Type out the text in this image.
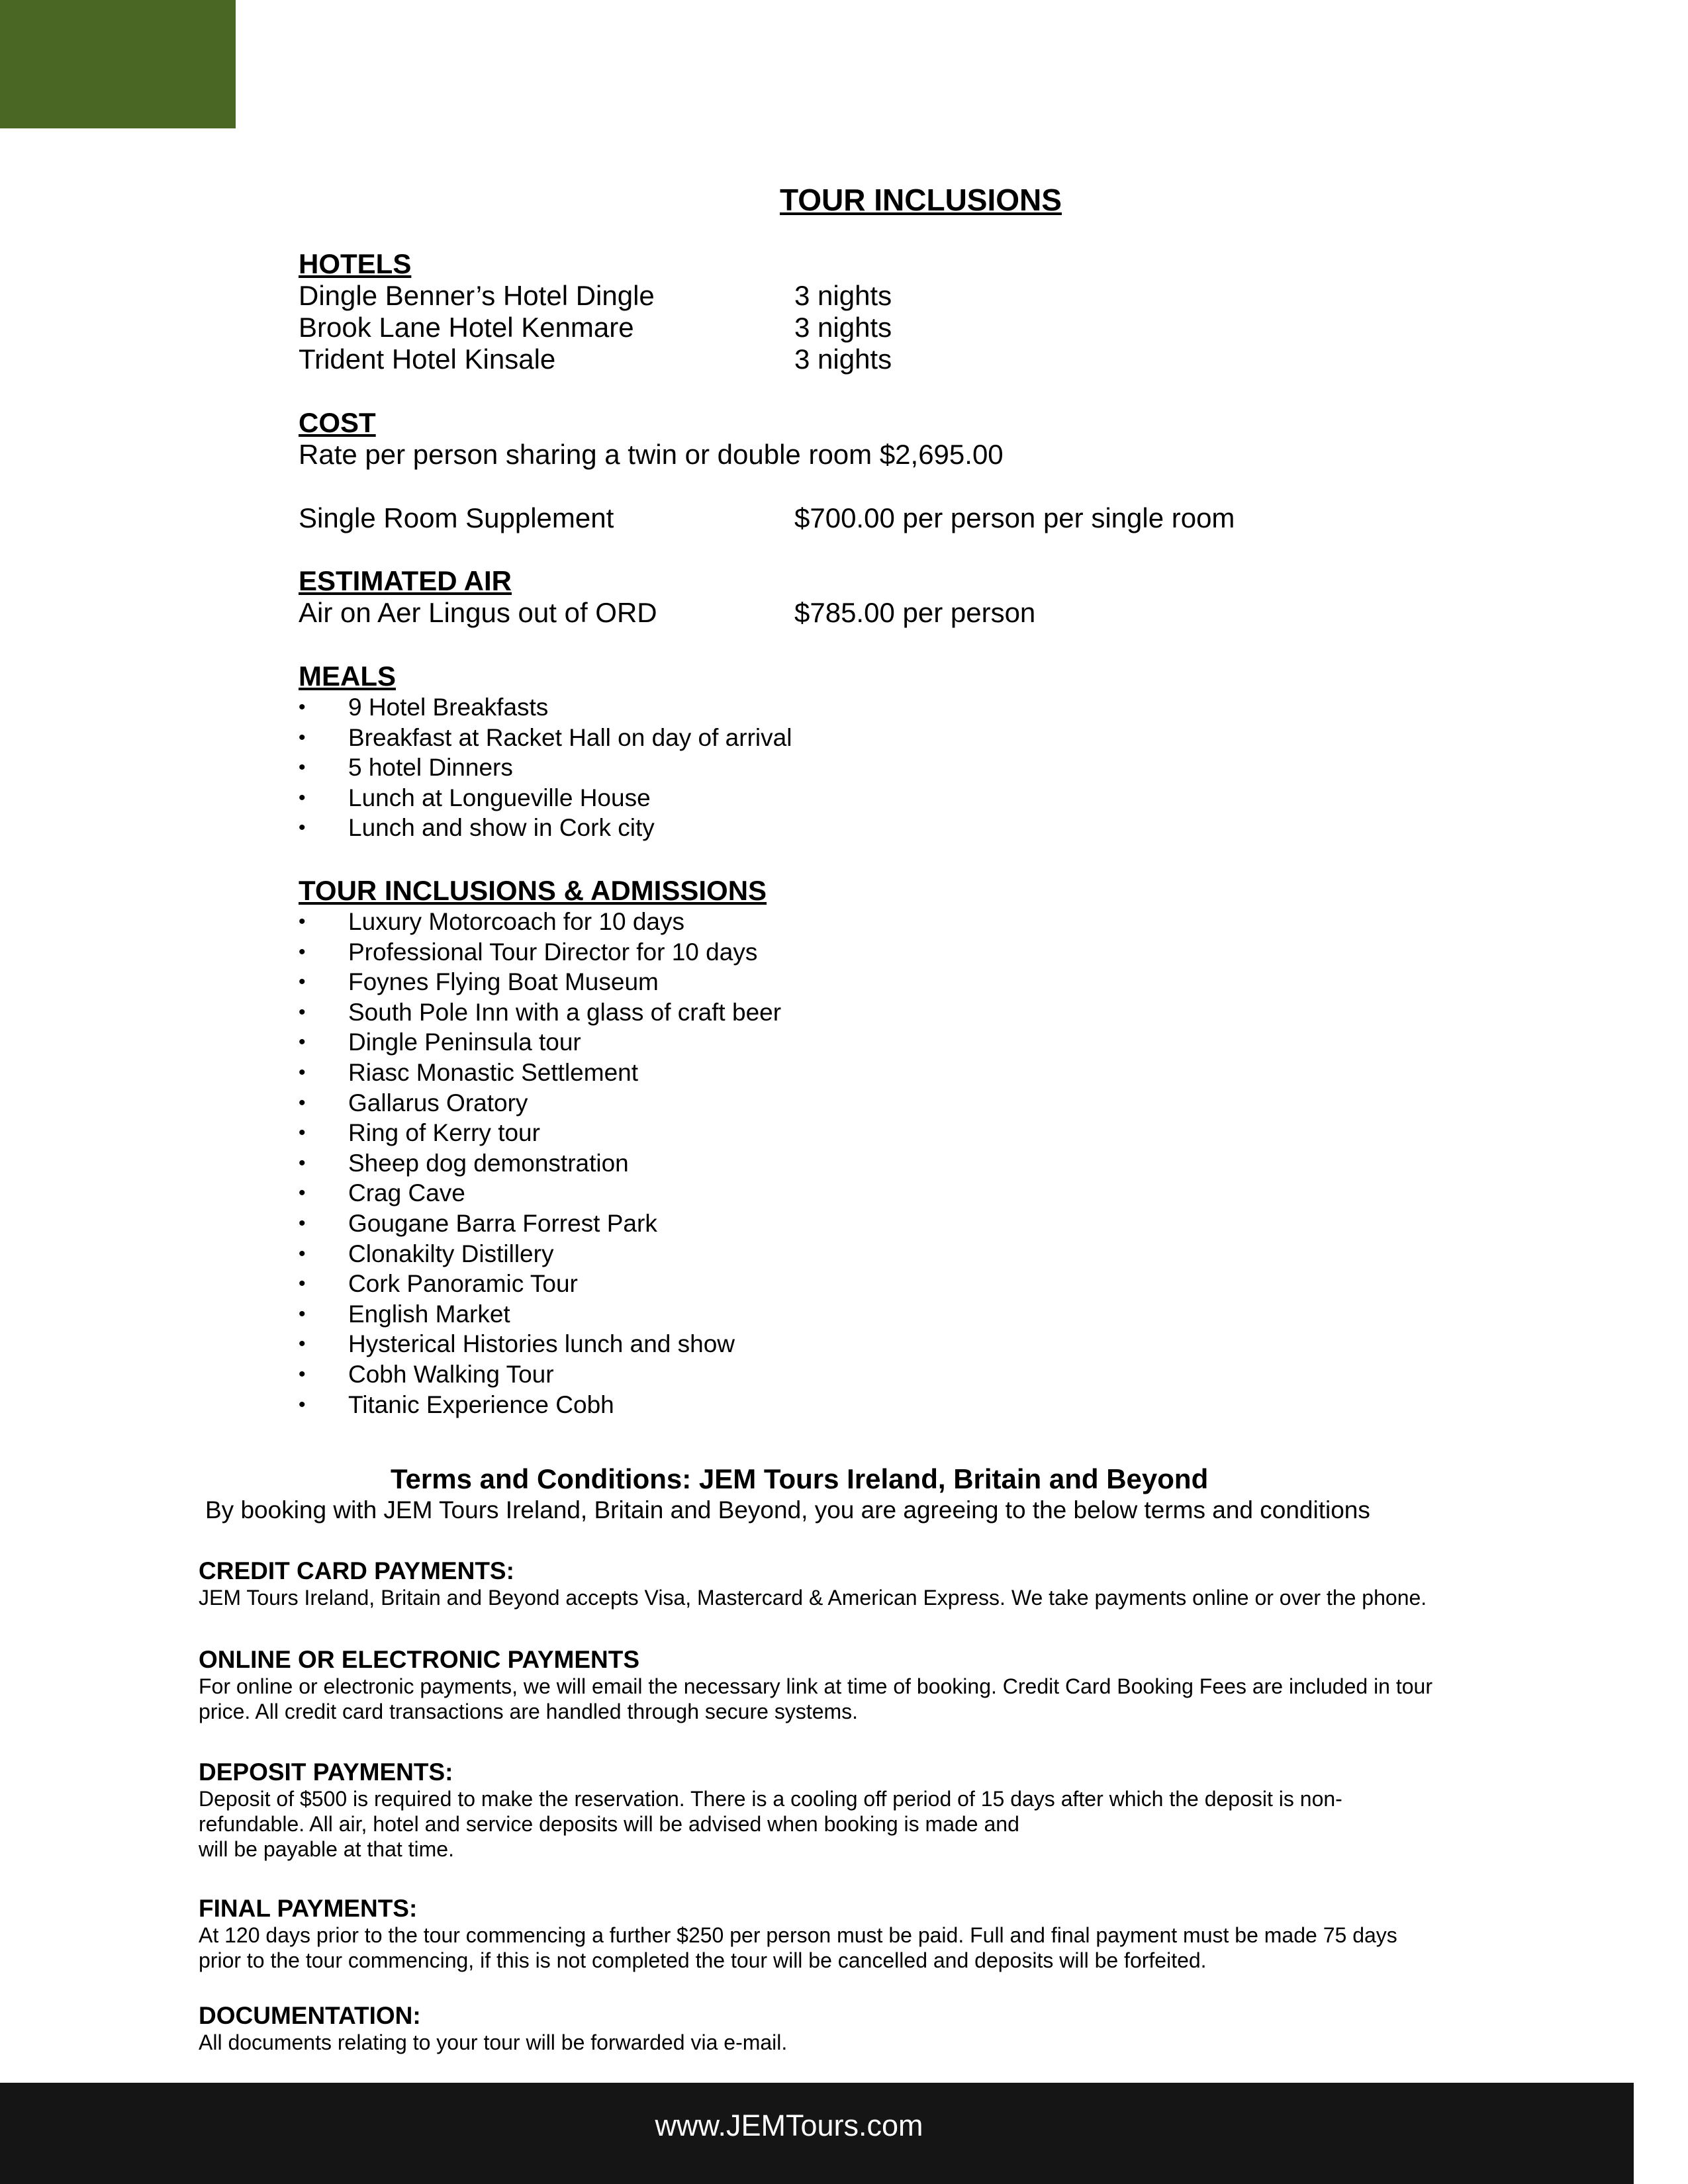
TOUR INCLUSIONS
HOTELS
Dingle Benner’s Hotel Dingle	3 nights
Brook Lane Hotel Kenmare	3 nights
Trident Hotel Kinsale	3 nights
COST
Rate per person sharing a twin or double room $2,695.00
Single Room Supplement	$700.00 per person per single room
ESTIMATED AIR
Air on Aer Lingus out of ORD	$785.00 per person
MEALS
• 9 Hotel Breakfasts
• Breakfast at Racket Hall on day of arrival
• 5 hotel Dinners
• Lunch at Longueville House
• Lunch and show in Cork city
TOUR INCLUSIONS & ADMISSIONS
• Luxury Motorcoach for 10 days
• Professional Tour Director for 10 days
• Foynes Flying Boat Museum
• South Pole Inn with a glass of craft beer
• Dingle Peninsula tour
• Riasc Monastic Settlement
• Gallarus Oratory
• Ring of Kerry tour
• Sheep dog demonstration
• Crag Cave
• Gougane Barra Forrest Park
• Clonakilty Distillery
• Cork Panoramic Tour
• English Market
• Hysterical Histories lunch and show
• Cobh Walking Tour
• Titanic Experience Cobh
Terms and Conditions: JEM Tours Ireland, Britain and Beyond
By booking with JEM Tours Ireland, Britain and Beyond, you are agreeing to the below terms and conditions
CREDIT CARD PAYMENTS:

JEM Tours Ireland, Britain and Beyond accepts Visa, Mastercard & American Express. We take payments online or over the phone.

ONLINE OR ELECTRONIC PAYMENTS

For online or electronic payments, we will email the necessary link at time of booking. Credit Card Booking Fees are included in tour
price. All credit card transactions are handled through secure systems.

DEPOSIT PAYMENTS:

Deposit of $500 is required to make the reservation. There is a cooling off period of 15 days after which the deposit is non-
refundable. All air, hotel and service deposits will be advised when booking is made and
will be payable at that time.

FINAL PAYMENTS:

At 120 days prior to the tour commencing a further $250 per person must be paid. Full and final payment must be made 75 days
prior to the tour commencing, if this is not completed the tour will be cancelled and deposits will be forfeited.

DOCUMENTATION:

All documents relating to your tour will be forwarded via e-mail.

www.JEMTours.com
